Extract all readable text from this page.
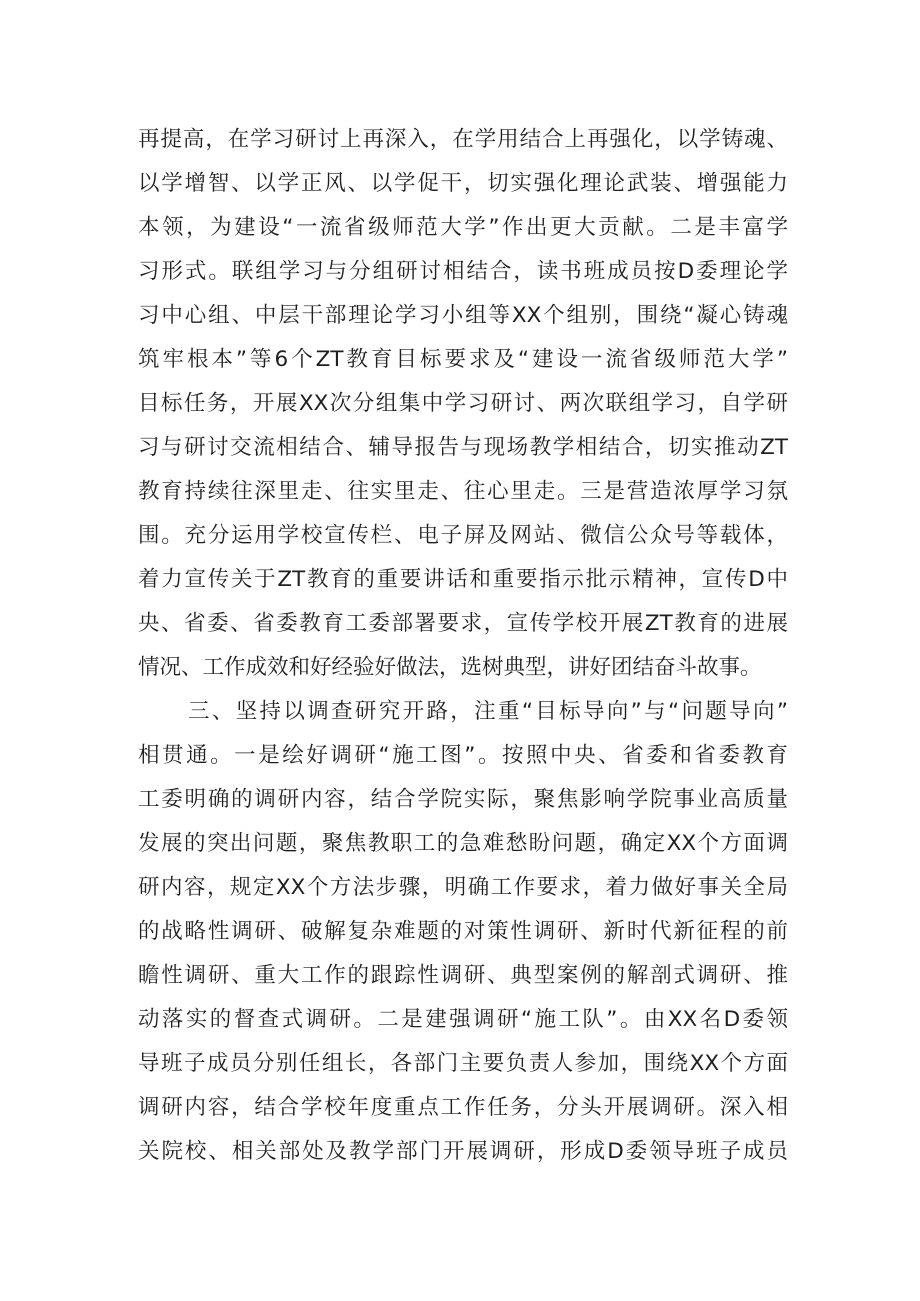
再提高，在学习研讨上再深入，在学用结合上再强化，以学铸魂、
以学增智、以学正风、以学促干，切实强化理论武装、增强能力
本领，为建设“一流省级师范大学”作出更大贡献。二是丰富学
习形式。联组学习与分组研讨相结合，读书班成员按D委理论学
习中心组、中层干部理论学习小组等XX个组别，围绕“凝心铸魂
筑牢根本”等6个ZT教育目标要求及“建设一流省级师范大学”
目标任务，开展XX次分组集中学习研讨、两次联组学习，自学研
习与研讨交流相结合、辅导报告与现场教学相结合，切实推动ZT
教育持续往深里走、往实里走、往心里走。三是营造浓厚学习氛
围。充分运用学校宣传栏、电子屏及网站、微信公众号等载体，
着力宣传关于ZT教育的重要讲话和重要指示批示精神，宣传D中
央、省委、省委教育工委部署要求，宣传学校开展ZT教育的进展
情况、工作成效和好经验好做法，选树典型，讲好团结奋斗故事。
三、坚持以调查研究开路，注重“目标导向”与“问题导向”
相贯通。一是绘好调研“施工图”。按照中央、省委和省委教育
工委明确的调研内容，结合学院实际，聚焦影响学院事业高质量
发展的突出问题，聚焦教职工的急难愁盼问题，确定XX个方面调
研内容，规定XX个方法步骤，明确工作要求，着力做好事关全局
的战略性调研、破解复杂难题的对策性调研、新时代新征程的前
瞻性调研、重大工作的跟踪性调研、典型案例的解剖式调研、推
动落实的督查式调研。二是建强调研“施工队”。由XX名D委领
导班子成员分别任组长，各部门主要负责人参加，围绕XX个方面
调研内容，结合学校年度重点工作任务，分头开展调研。深入相
关院校、相关部处及教学部门开展调研，形成D委领导班子成员
